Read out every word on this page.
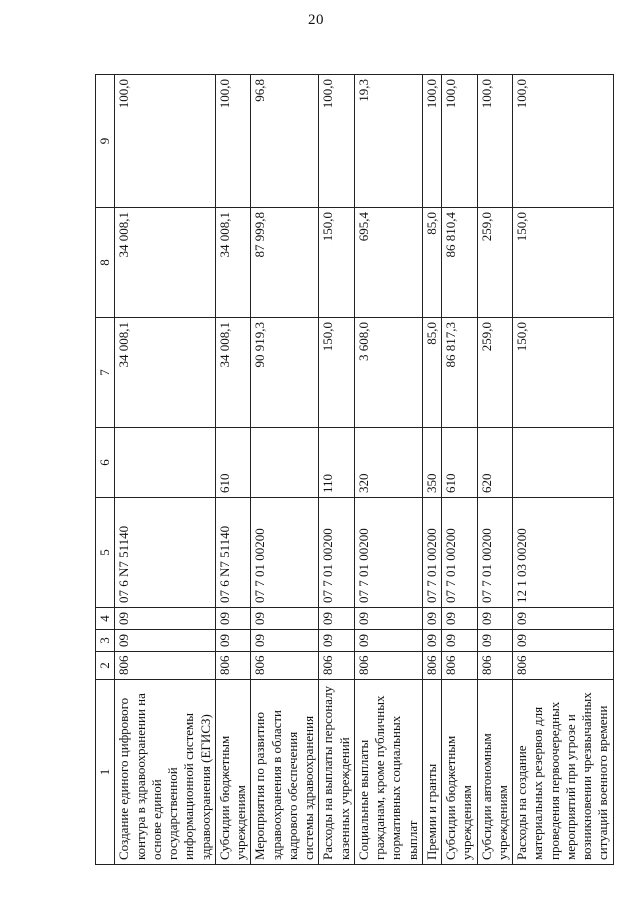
20
1	2	3	4	5	6	7	8	9
Создание единого цифрового контура в здравоохранении на основе единой государственной информационной системы здравоохранения (ЕГИСЗ)	806	09	09	07 6 N7 51140		34 008,1	34 008,1	100,0
Субсидии бюджетным учреждениям	806	09	09	07 6 N7 51140	610	34 008,1	34 008,1	100,0
Мероприятия по развитию здравоохранения в области кадрового обеспечения системы здравоохранения	806	09	09	07 7 01 00200		90 919,3	87 999,8	96,8
Расходы на выплаты персоналу казенных учреждений	806	09	09	07 7 01 00200	110	150,0	150,0	100,0
Социальные выплаты гражданам, кроме публичных нормативных социальных выплат	806	09	09	07 7 01 00200	320	3 608,0	695,4	19,3
Премии и гранты	806	09	09	07 7 01 00200	350	85,0	85,0	100,0
Субсидии бюджетным учреждениям	806	09	09	07 7 01 00200	610	86 817,3	86 810,4	100,0
Субсидии автономным учреждениям	806	09	09	07 7 01 00200	620	259,0	259,0	100,0
Расходы на создание материальных резервов для проведения первоочередных мероприятий при угрозе и возникновении чрезвычайных ситуаций военного времени	806	09	09	12 1 03 00200		150,0	150,0	100,0
